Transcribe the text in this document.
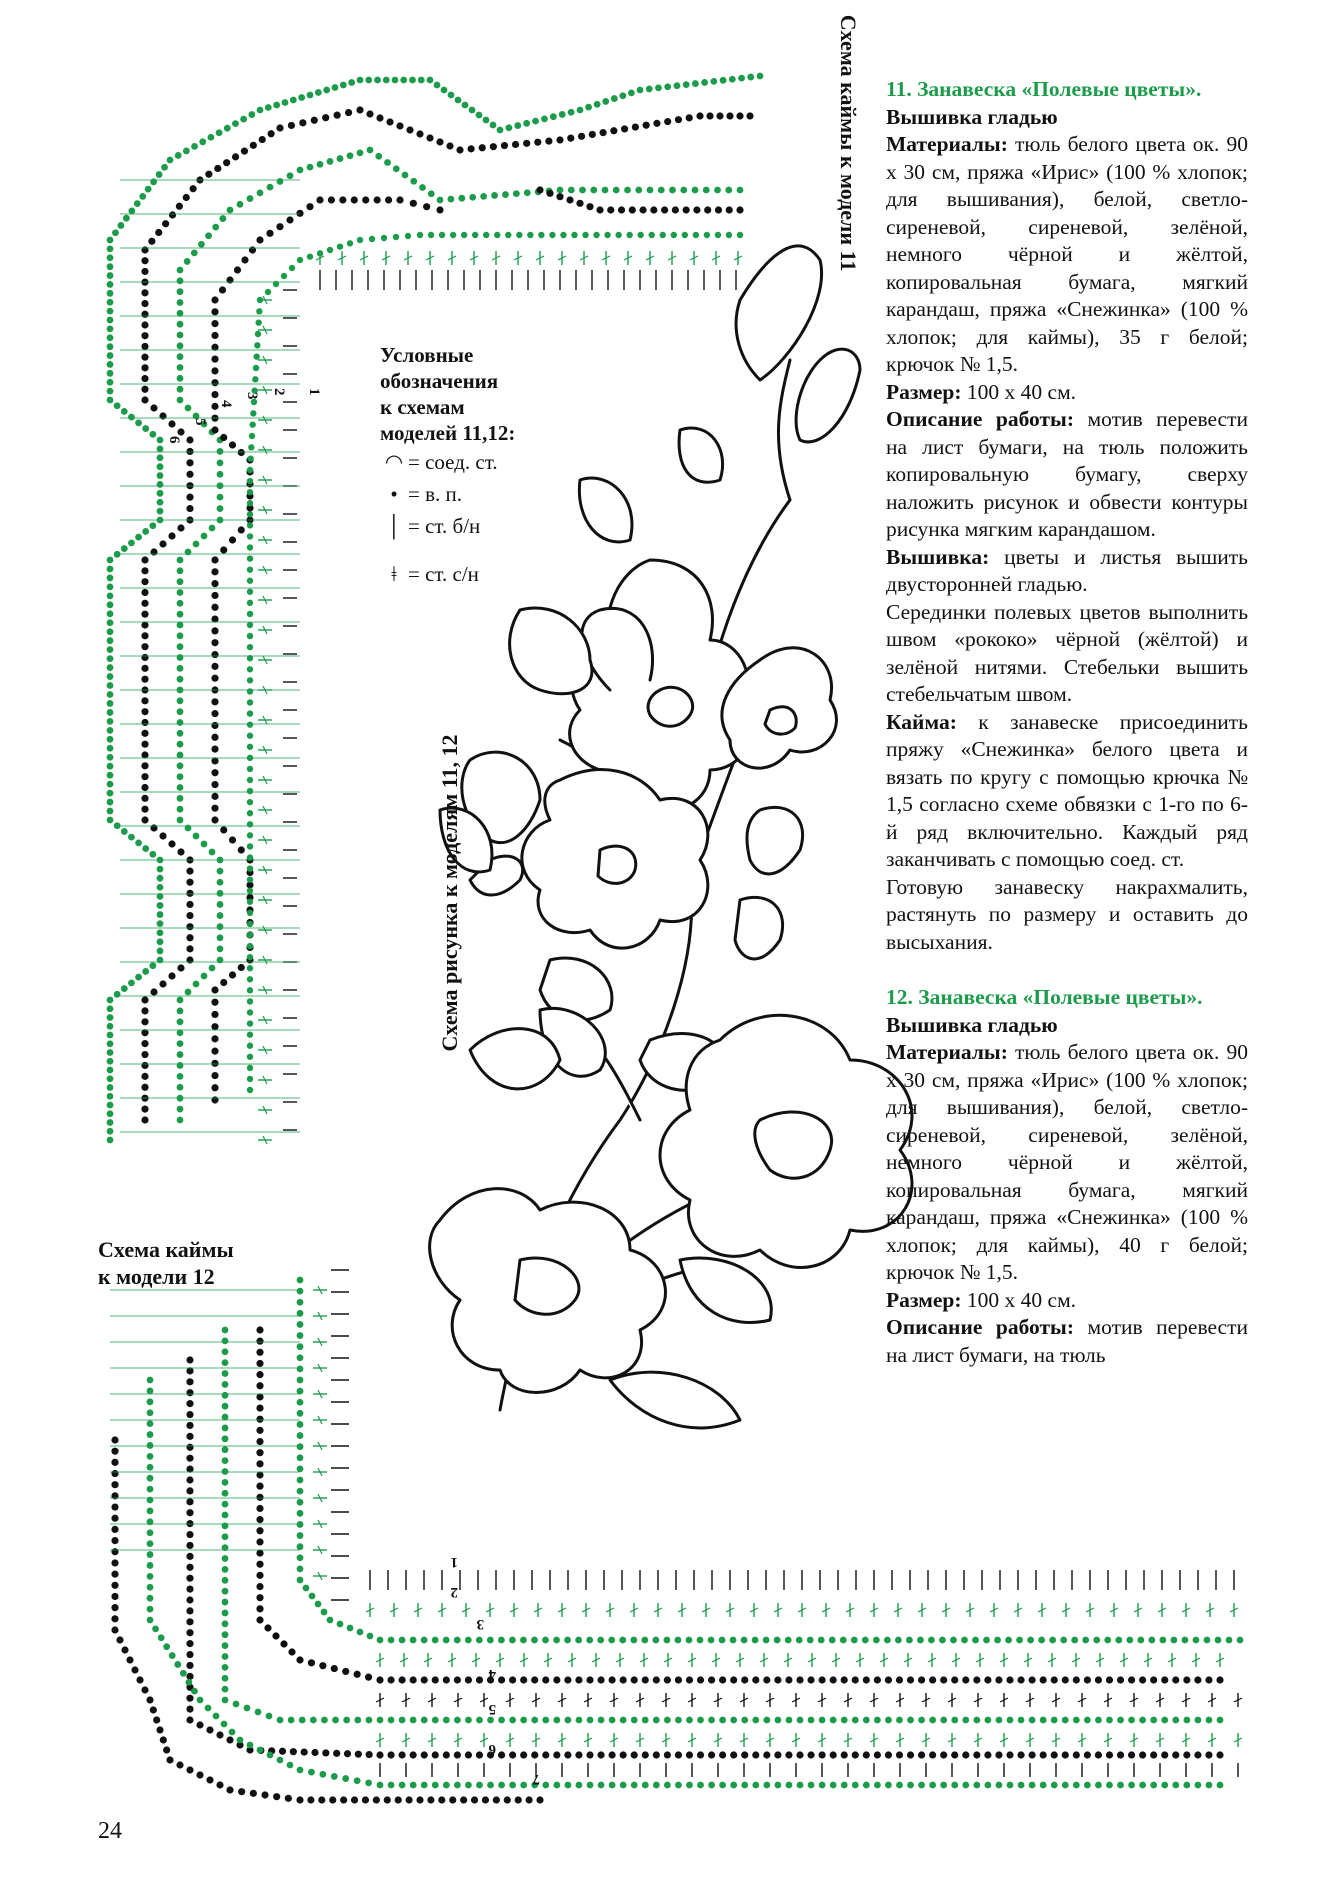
1
2
3
4
5
6
1
2
3
4
5
6
7
Схема каймы к модели 11
Схема рисунка к моделям 11, 12
Условные
обозначения
к схемам
моделей 11,12:
◠ = соед. ст.
• = в. п.
│ = ст. б/н
ǂ = ст. с/н
Схема каймы
к модели 12

11. Занавеска «Полевые цветы».

Вышивка гладью

Материалы: тюль белого цвета ок. 90 х 30 см, пряжа «Ирис» (100 % хлопок; для вышивания), белой, светло-сиреневой, сиреневой, зелёной, немного чёрной и жёлтой, копировальная бумага, мягкий карандаш, пряжа «Снежинка» (100 % хлопок; для каймы), 35 г белой; крючок № 1,5.

Размер: 100 х 40 см.

Описание работы: мотив перевести на лист бумаги, на тюль положить копировальную бумагу, сверху наложить рисунок и обвести контуры рисунка мягким карандашом.

Вышивка: цветы и листья вышить двусторонней гладью.

Серединки полевых цветов выполнить швом «рококо» чёрной (жёлтой) и зелёной нитями. Стебельки вышить стебельчатым швом.

Кайма: к занавеске присоединить пряжу «Снежинка» белого цвета и вязать по кругу с помощью крючка № 1,5 согласно схеме обвязки с 1-го по 6-й ряд включительно. Каждый ряд заканчивать с помощью соед. ст.

Готовую занавеску накрахмалить, растянуть по размеру и оставить до высыхания.

12. Занавеска «Полевые цветы».

Вышивка гладью

Материалы: тюль белого цвета ок. 90 х 30 см, пряжа «Ирис» (100 % хлопок; для вышивания), белой, светло-сиреневой, сиреневой, зелёной, немного чёрной и жёлтой, копировальная бумага, мягкий карандаш, пряжа «Снежинка» (100 % хлопок; для каймы), 40 г белой; крючок № 1,5.

Размер: 100 х 40 см.

Описание работы: мотив перевести на лист бумаги, на тюль

24
